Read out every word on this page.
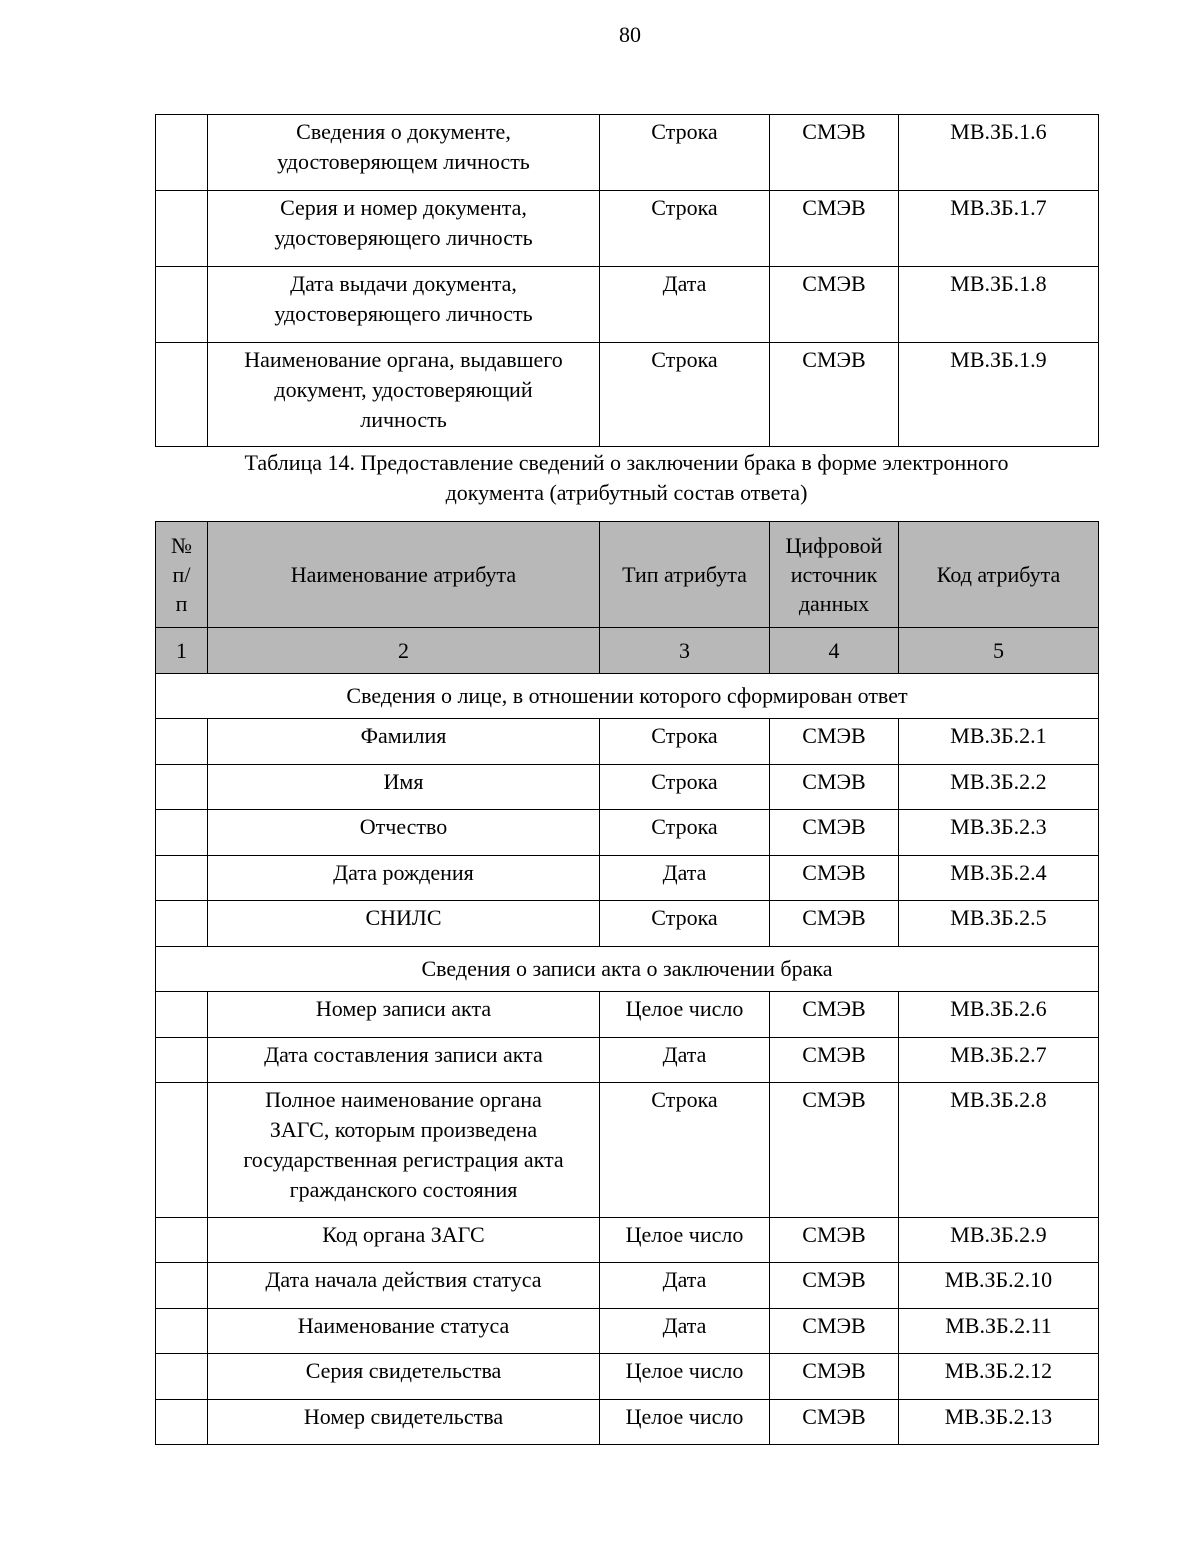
80
	Сведения о документе,
удостоверяющем личность	Строка	СМЭВ	МВ.ЗБ.1.6
	Серия и номер документа,
удостоверяющего личность	Строка	СМЭВ	МВ.ЗБ.1.7
	Дата выдачи документа,
удостоверяющего личность	Дата	СМЭВ	МВ.ЗБ.1.8
	Наименование органа, выдавшего
документ, удостоверяющий
личность	Строка	СМЭВ	МВ.ЗБ.1.9
Таблица 14. Предоставление сведений о заключении брака в форме электронного
документа (атрибутный состав ответа)
№
п/
п	Наименование атрибута	Тип атрибута	Цифровой
источник
данных	Код атрибута
1	2	3	4	5
Сведения о лице, в отношении которого сформирован ответ				
	Фамилия	Строка	СМЭВ	МВ.ЗБ.2.1
	Имя	Строка	СМЭВ	МВ.ЗБ.2.2
	Отчество	Строка	СМЭВ	МВ.ЗБ.2.3
	Дата рождения	Дата	СМЭВ	МВ.ЗБ.2.4
	СНИЛС	Строка	СМЭВ	МВ.ЗБ.2.5
Сведения о записи акта о заключении брака				
	Номер записи акта	Целое число	СМЭВ	МВ.ЗБ.2.6
	Дата составления записи акта	Дата	СМЭВ	МВ.ЗБ.2.7
	Полное наименование органа
ЗАГС, которым произведена
государственная регистрация акта
гражданского состояния	Строка	СМЭВ	МВ.ЗБ.2.8
	Код органа ЗАГС	Целое число	СМЭВ	МВ.ЗБ.2.9
	Дата начала действия статуса	Дата	СМЭВ	МВ.ЗБ.2.10
	Наименование статуса	Дата	СМЭВ	МВ.ЗБ.2.11
	Серия свидетельства	Целое число	СМЭВ	МВ.ЗБ.2.12
	Номер свидетельства	Целое число	СМЭВ	МВ.ЗБ.2.13
